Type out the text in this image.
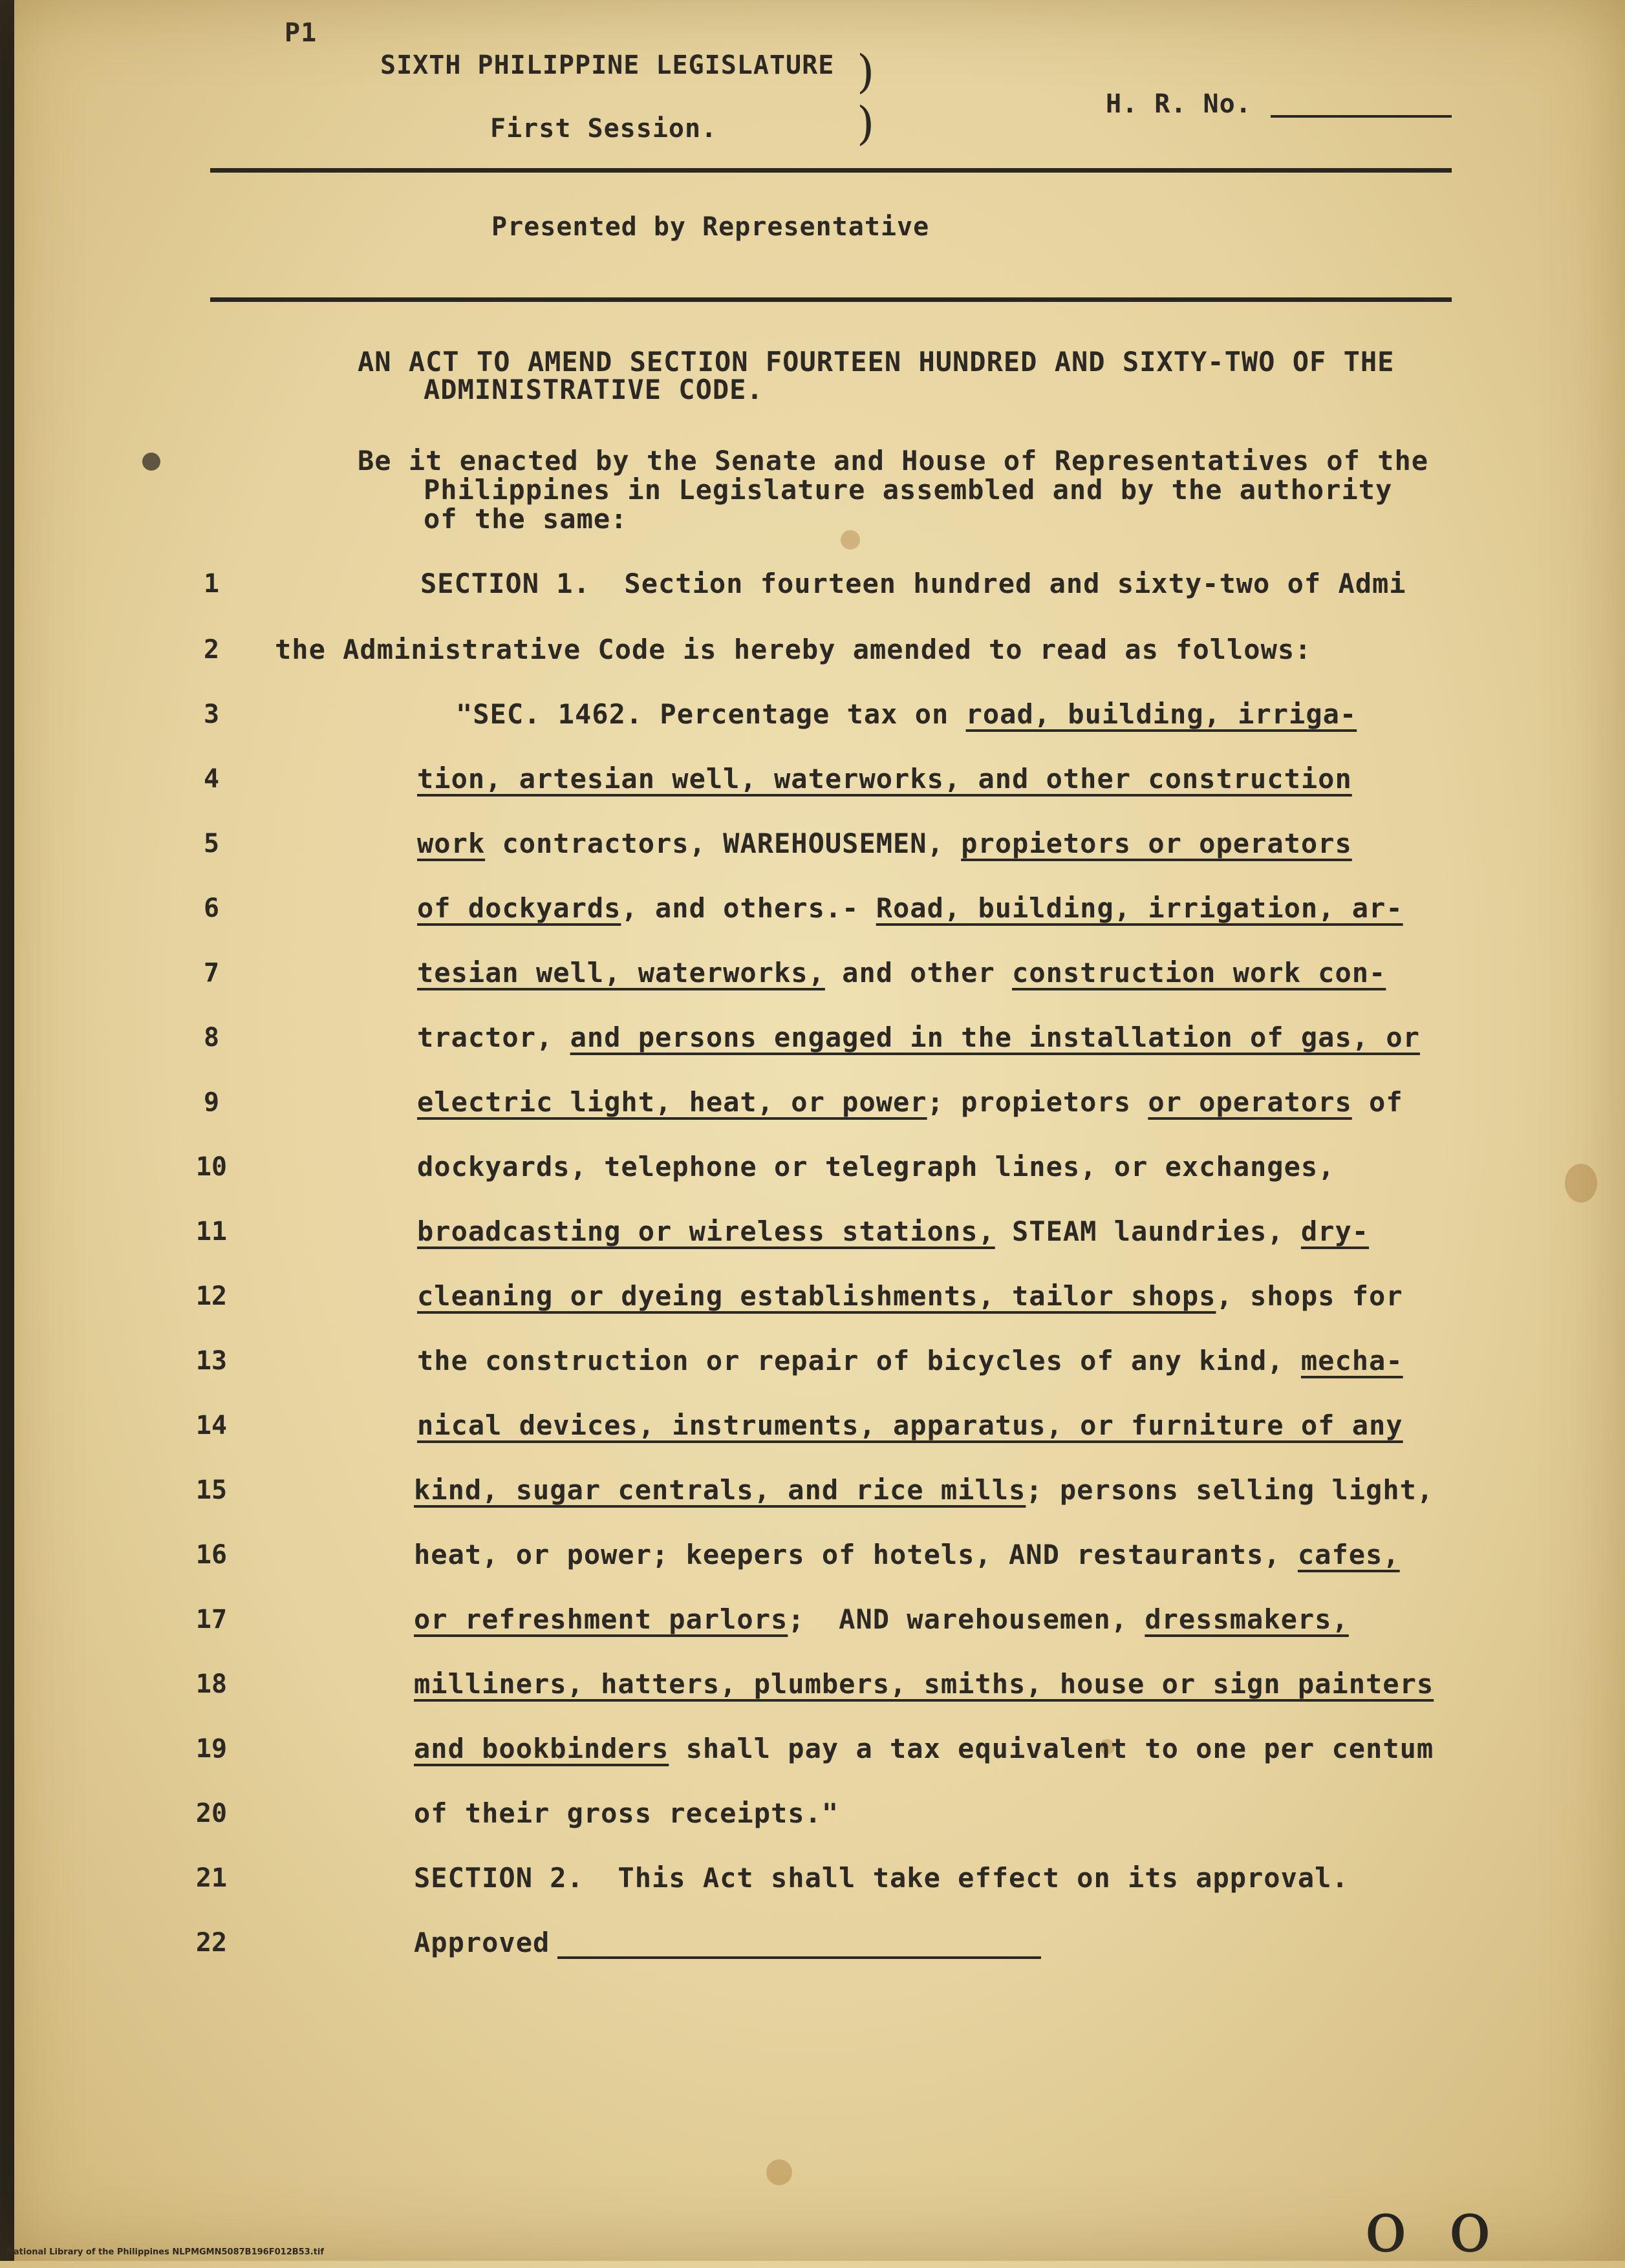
P1
SIXTH PHILIPPINE LEGISLATURE
First Session.
)
)	H. R. No.
Presented by Representative
AN ACT TO AMEND SECTION FOURTEEN HUNDRED AND SIXTY-TWO OF THE
ADMINISTRATIVE CODE.
Be it enacted by the Senate and House of Representatives of the
Philippines in Legislature assembled and by the authority
of the same:
1	SECTION 1.  Section fourteen hundred and sixty-two of Admi
2	the Administrative Code is hereby amended to read as follows:
3	"SEC. 1462. Percentage tax on road, building, irriga-
4	tion, artesian well, waterworks, and other construction
5	work contractors, WAREHOUSEMEN, propietors or operators
6	of dockyards, and others.- Road, building, irrigation, ar-
7	tesian well, waterworks, and other construction work con-
8	tractor, and persons engaged in the installation of gas, or
9	electric light, heat, or power; propietors or operators of
10	dockyards, telephone or telegraph lines, or exchanges,
11	broadcasting or wireless stations, STEAM laundries, dry-
12	cleaning or dyeing establishments, tailor shops, shops for
13	the construction or repair of bicycles of any kind, mecha-
14	nical devices, instruments, apparatus, or furniture of any
15	kind, sugar centrals, and rice mills; persons selling light,
16	heat, or power; keepers of hotels, AND restaurants, cafes,
17	or refreshment parlors;  AND warehousemen, dressmakers,
18	milliners, hatters, plumbers, smiths, house or sign painters
19	and bookbinders shall pay a tax equivalent to one per centum
20	of their gross receipts."
21	SECTION 2.  This Act shall take effect on its approval.
22	Approved
o o
National Library of the Philippines NLPMGMN5087B196F012B53.tif
